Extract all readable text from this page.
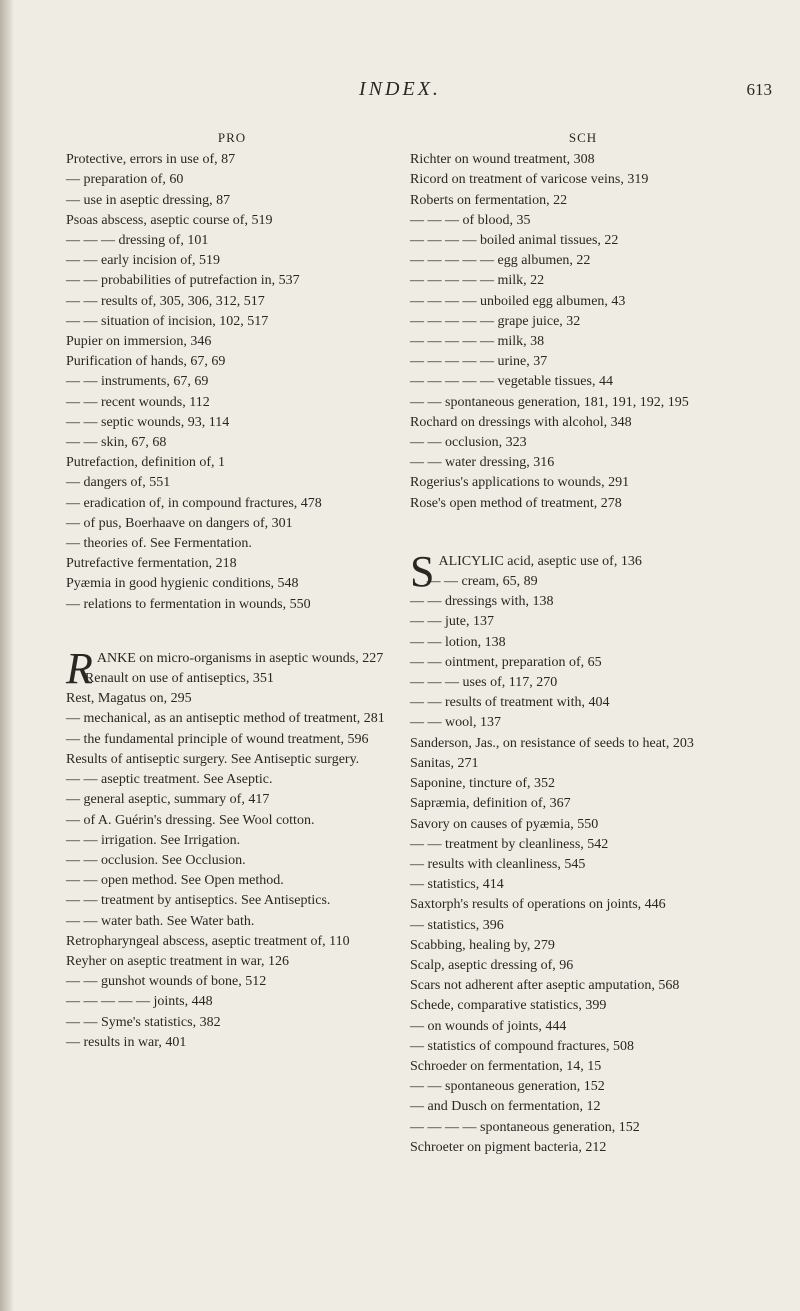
INDEX.	613
PRO
Protective, errors in use of, 87
— preparation of, 60
— use in aseptic dressing, 87
Psoas abscess, aseptic course of, 519
— — — dressing of, 101
— — early incision of, 519
— — probabilities of putrefaction in, 537
— — results of, 305, 306, 312, 517
— — situation of incision, 102, 517
Pupier on immersion, 346
Purification of hands, 67, 69
— — instruments, 67, 69
— — recent wounds, 112
— — septic wounds, 93, 114
— — skin, 67, 68
Putrefaction, definition of, 1
— dangers of, 551
— eradication of, in compound fractures, 478
— of pus, Boerhaave on dangers of, 301
— theories of. See Fermentation.
Putrefactive fermentation, 218
Pyæmia in good hygienic conditions, 548
— relations to fermentation in wounds, 550
RANKE on micro-organisms in aseptic wounds, 227
Renault on use of antiseptics, 351
Rest, Magatus on, 295
— mechanical, as an antiseptic method of treatment, 281
— the fundamental principle of wound treatment, 596
Results of antiseptic surgery. See Antiseptic surgery.
— — aseptic treatment. See Aseptic.
— general aseptic, summary of, 417
— of A. Guérin's dressing. See Wool cotton.
— — irrigation. See Irrigation.
— — occlusion. See Occlusion.
— — open method. See Open method.
— — treatment by antiseptics. See Antiseptics.
— — water bath. See Water bath.
Retropharyngeal abscess, aseptic treatment of, 110
Reyher on aseptic treatment in war, 126
— — gunshot wounds of bone, 512
— — — — — joints, 448
— — Syme's statistics, 382
— results in war, 401
SCH
Richter on wound treatment, 308
Ricord on treatment of varicose veins, 319
Roberts on fermentation, 22
— — — of blood, 35
— — — — boiled animal tissues, 22
— — — — — egg albumen, 22
— — — — — milk, 22
— — — — unboiled egg albumen, 43
— — — — — grape juice, 32
— — — — — milk, 38
— — — — — urine, 37
— — — — — vegetable tissues, 44
— — spontaneous generation, 181, 191, 192, 195
Rochard on dressings with alcohol, 348
— — occlusion, 323
— — water dressing, 316
Rogerius's applications to wounds, 291
Rose's open method of treatment, 278
SALICYLIC acid, aseptic use of, 136
— — cream, 65, 89
— — dressings with, 138
— — jute, 137
— — lotion, 138
— — ointment, preparation of, 65
— — — uses of, 117, 270
— — results of treatment with, 404
— — wool, 137
Sanderson, Jas., on resistance of seeds to heat, 203
Sanitas, 271
Saponine, tincture of, 352
Sapræmia, definition of, 367
Savory on causes of pyæmia, 550
— — treatment by cleanliness, 542
— results with cleanliness, 545
— statistics, 414
Saxtorph's results of operations on joints, 446
— statistics, 396
Scabbing, healing by, 279
Scalp, aseptic dressing of, 96
Scars not adherent after aseptic amputation, 568
Schede, comparative statistics, 399
— on wounds of joints, 444
— statistics of compound fractures, 508
Schroeder on fermentation, 14, 15
— — spontaneous generation, 152
— and Dusch on fermentation, 12
— — — — spontaneous generation, 152
Schroeter on pigment bacteria, 212
